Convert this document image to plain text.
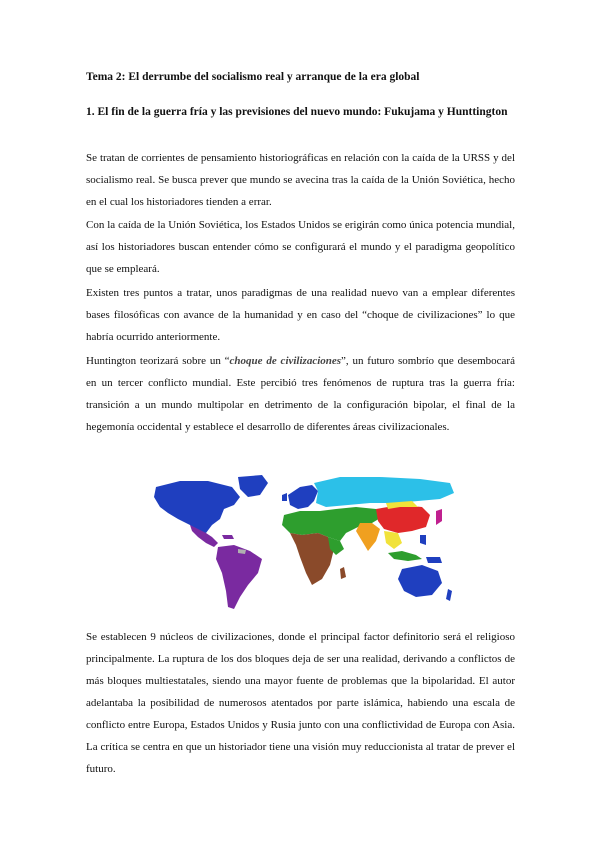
Tema 2: El derrumbe del socialismo real y arranque de la era global
1. El fin de la guerra fría y las previsiones del nuevo mundo: Fukujama y Hunttington

Se tratan de corrientes de pensamiento historiográficas en relación con la caída de la URSS y del socialismo real. Se busca prever que mundo se avecina tras la caída de la Unión Soviética, hecho en el cual los historiadores tienden a errar.

Con la caída de la Unión Soviética, los Estados Unidos se erigirán como única potencia mundial, así los historiadores buscan entender cómo se configurará el mundo y el paradigma geopolítico que se empleará.

Existen tres puntos a tratar, unos paradigmas de una realidad nuevo van a emplear diferentes bases filosóficas con avance de la humanidad y en caso del “choque de civilizaciones” lo que habría ocurrido anteriormente.

Huntington teorizará sobre un “choque de civilizaciones”, un futuro sombrío que desembocará en un tercer conflicto mundial. Este percibió tres fenómenos de ruptura tras la guerra fría: transición a un mundo multipolar en detrimento de la configuración bipolar, el final de la hegemonía occidental y establece el desarrollo de diferentes áreas civilizacionales.

Se establecen 9 núcleos de civilizaciones, donde el principal factor definitorio será el religioso principalmente. La ruptura de los dos bloques deja de ser una realidad, derivando a conflictos de más bloques multiestatales, siendo una mayor fuente de problemas que la bipolaridad. El autor adelantaba la posibilidad de numerosos atentados por parte islámica, habiendo una escala de conflicto entre Europa, Estados Unidos y Rusia junto con una conflictividad de Europa con Asia. La crítica se centra en que un historiador tiene una visión muy reduccionista al tratar de prever el futuro.
